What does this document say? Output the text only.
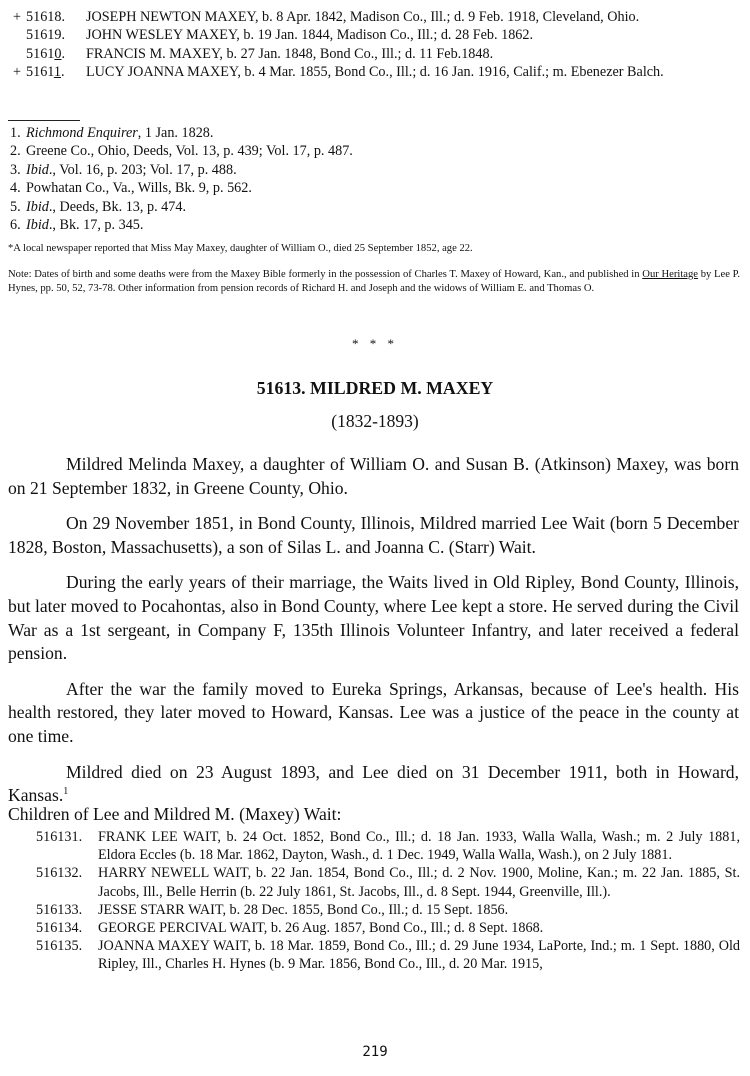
+ 51618. JOSEPH NEWTON MAXEY, b. 8 Apr. 1842, Madison Co., Ill.; d. 9 Feb. 1918, Cleveland, Ohio.
51619. JOHN WESLEY MAXEY, b. 19 Jan. 1844, Madison Co., Ill.; d. 28 Feb. 1862.
51610. FRANCIS M. MAXEY, b. 27 Jan. 1848, Bond Co., Ill.; d. 11 Feb.1848.
+ 51611. LUCY JOANNA MAXEY, b. 4 Mar. 1855, Bond Co., Ill.; d. 16 Jan. 1916, Calif.; m. Ebenezer Balch.
1. Richmond Enquirer, 1 Jan. 1828.
2. Greene Co., Ohio, Deeds, Vol. 13, p. 439; Vol. 17, p. 487.
3. Ibid., Vol. 16, p. 203; Vol. 17, p. 488.
4. Powhatan Co., Va., Wills, Bk. 9, p. 562.
5. Ibid., Deeds, Bk. 13, p. 474.
6. Ibid., Bk. 17, p. 345.
*A local newspaper reported that Miss May Maxey, daughter of William O., died 25 September 1852, age 22.
Note: Dates of birth and some deaths were from the Maxey Bible formerly in the possession of Charles T. Maxey of Howard, Kan., and published in Our Heritage by Lee P. Hynes, pp. 50, 52, 73-78. Other information from pension records of Richard H. and Joseph and the widows of William E. and Thomas O.
* * *
51613. MILDRED M. MAXEY
(1832-1893)

Mildred Melinda Maxey, a daughter of William O. and Susan B. (Atkinson) Maxey, was born on 21 September 1832, in Greene County, Ohio.

On 29 November 1851, in Bond County, Illinois, Mildred married Lee Wait (born 5 December 1828, Boston, Massachusetts), a son of Silas L. and Joanna C. (Starr) Wait.

During the early years of their marriage, the Waits lived in Old Ripley, Bond County, Illinois, but later moved to Pocahontas, also in Bond County, where Lee kept a store. He served during the Civil War as a 1st sergeant, in Company F, 135th Illinois Volunteer Infantry, and later received a federal pension.

After the war the family moved to Eureka Springs, Arkansas, because of Lee's health. His health restored, they later moved to Howard, Kansas. Lee was a justice of the peace in the county at one time.

Mildred died on 23 August 1893, and Lee died on 31 December 1911, both in Howard, Kansas.$^1$

Children of Lee and Mildred M. (Maxey) Wait:
516131. FRANK LEE WAIT, b. 24 Oct. 1852, Bond Co., Ill.; d. 18 Jan. 1933, Walla Walla, Wash.; m. 2 July 1881, Eldora Eccles (b. 18 Mar. 1862, Dayton, Wash., d. 1 Dec. 1949, Walla Walla, Wash.), on 2 July 1881.
516132. HARRY NEWELL WAIT, b. 22 Jan. 1854, Bond Co., Ill.; d. 2 Nov. 1900, Moline, Kan.; m. 22 Jan. 1885, St. Jacobs, Ill., Belle Herrin (b. 22 July 1861, St. Jacobs, Ill., d. 8 Sept. 1944, Greenville, Ill.).
516133. JESSE STARR WAIT, b. 28 Dec. 1855, Bond Co., Ill.; d. 15 Sept. 1856.
516134. GEORGE PERCIVAL WAIT, b. 26 Aug. 1857, Bond Co., Ill.; d. 8 Sept. 1868.
516135. JOANNA MAXEY WAIT, b. 18 Mar. 1859, Bond Co., Ill.; d. 29 June 1934, LaPorte, Ind.; m. 1 Sept. 1880, Old Ripley, Ill., Charles H. Hynes (b. 9 Mar. 1856, Bond Co., Ill., d. 20 Mar. 1915,
219
